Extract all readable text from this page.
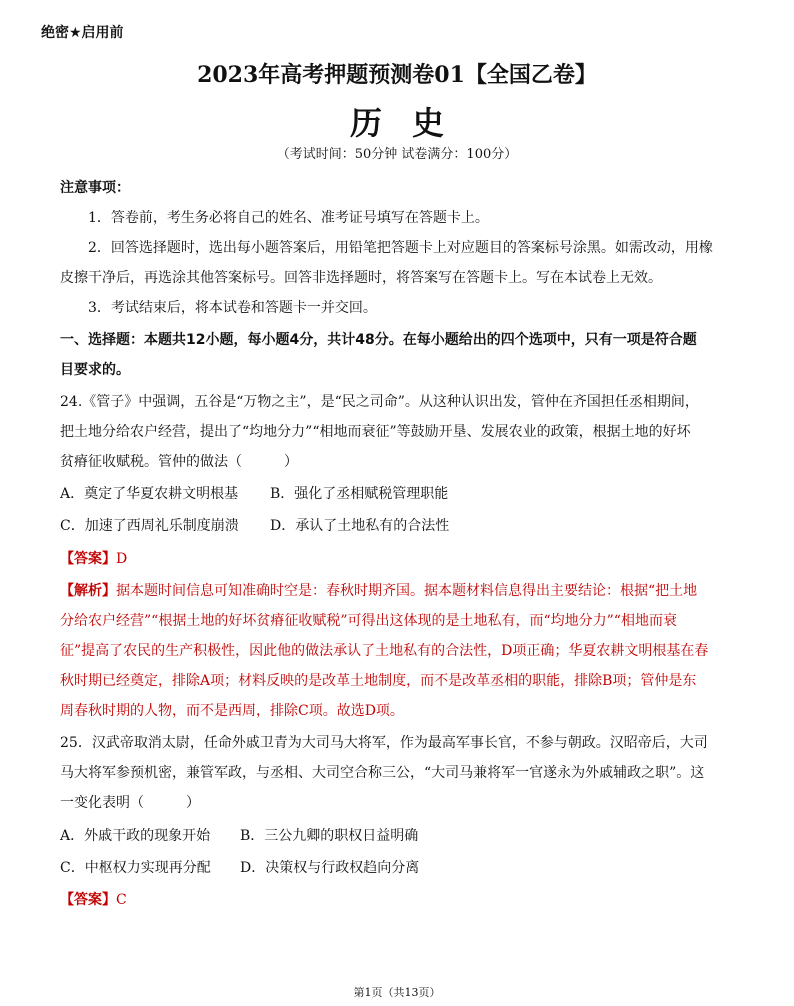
绝密★启用前
2023年高考押题预测卷01【全国乙卷】
历史
（考试时间：50分钟 试卷满分：100分）
注意事项：
1．答卷前，考生务必将自己的姓名、准考证号填写在答题卡上。
2．回答选择题时，选出每小题答案后，用铅笔把答题卡上对应题目的答案标号涂黑。如需改动，用橡
皮擦干净后，再选涂其他答案标号。回答非选择题时，将答案写在答题卡上。写在本试卷上无效。
3．考试结束后，将本试卷和答题卡一并交回。
一、选择题：本题共12小题，每小题4分，共计48分。在每小题给出的四个选项中，只有一项是符合题
目要求的。
24.《管子》中强调，五谷是“万物之主”，是“民之司命”。从这种认识出发，管仲在齐国担任丞相期间，
把土地分给农户经营，提出了“均地分力”“相地而衰征”等鼓励开垦、发展农业的政策，根据土地的好坏
贫瘠征收赋税。管仲的做法（　　　）
A．奠定了华夏农耕文明根基	B．强化了丞相赋税管理职能
C．加速了西周礼乐制度崩溃	D．承认了土地私有的合法性
【答案】D
【解析】据本题时间信息可知准确时空是：春秋时期齐国。据本题材料信息得出主要结论：根据“把土地
分给农户经营”“根据土地的好坏贫瘠征收赋税”可得出这体现的是土地私有，而“均地分力”“相地而衰
征”提高了农民的生产积极性，因此他的做法承认了土地私有的合法性，D项正确；华夏农耕文明根基在春
秋时期已经奠定，排除A项；材料反映的是改革土地制度，而不是改革丞相的职能，排除B项；管仲是东
周春秋时期的人物，而不是西周，排除C项。故选D项。
25．汉武帝取消太尉，任命外戚卫青为大司马大将军，作为最高军事长官，不参与朝政。汉昭帝后，大司
马大将军参预机密，兼管军政，与丞相、大司空合称三公，“大司马兼将军一官遂永为外戚辅政之职”。这
一变化表明（　　　）
A．外戚干政的现象开始	B．三公九卿的职权日益明确
C．中枢权力实现再分配	D．决策权与行政权趋向分离
【答案】C
第1页（共13页）
